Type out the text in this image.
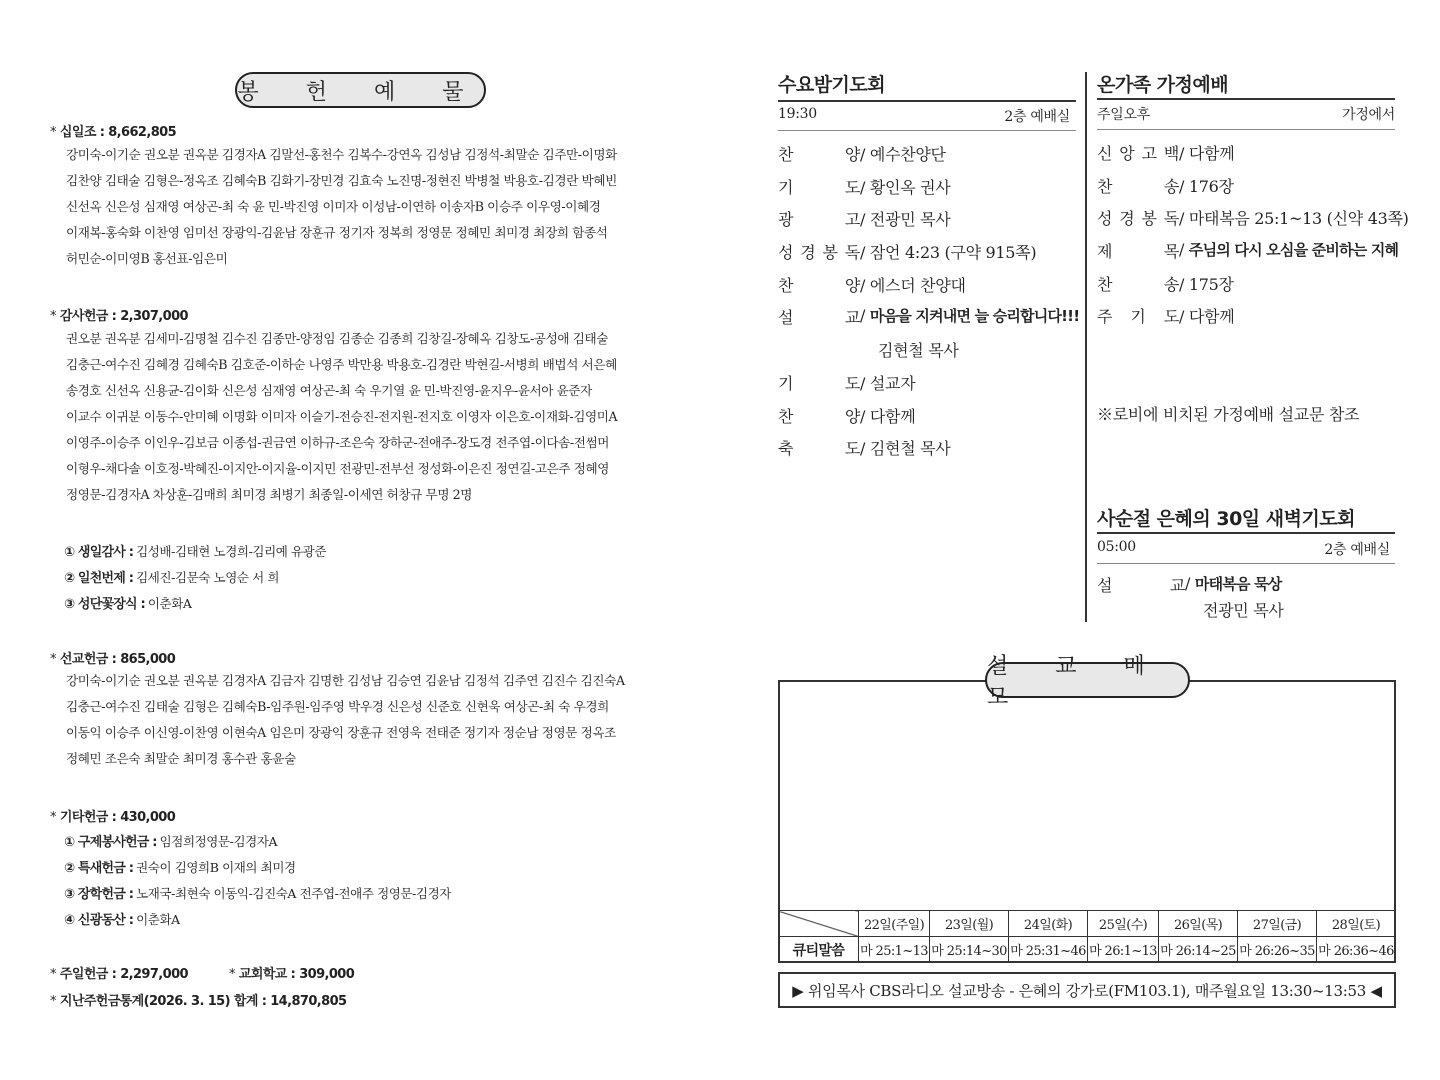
봉 헌 예 물
* 십일조 : 8,662,805
강미숙-이기순 권오분 권옥분 김경자A 김말선-홍천수 김복수-강연옥 김성남 김정석-최말순 김주만-이명화
김찬양 김태술 김형은-정옥조 김혜숙B 김화기-장민경 김효숙 노진명-정현진 박병철 박용호-김경란 박혜빈
신선옥 신은성 심재영 여상곤-최 숙 윤 민-박진영 이미자 이성남-이연하 이송자B 이승주 이우영-이혜경
이재복-홍숙화 이찬영 임미선 장광익-김윤남 장훈규 정기자 정복희 정영문 정혜민 최미경 최장희 함종석
허민순-이미영B 홍선표-임은미
* 감사헌금 : 2,307,000
권오분 권옥분 김세미-김명철 김수진 김종만-양정임 김종순 김종희 김창길-장혜옥 김창도-공성애 김태술
김충근-여수진 김혜경 김혜숙B 김호준-이하순 나영주 박만용 박용호-김경란 박현길-서병희 배법석 서은혜
송경호 신선옥 신용균-김이화 신은성 심재영 여상곤-최 숙 우기열 윤 민-박진영-윤지우-윤서아 윤준자
이교수 이귀분 이동수-안미혜 이명화 이미자 이슬기-전승진-전지원-전지호 이영자 이은호-이재화-김영미A
이영주-이승주 이인우-김보금 이종섭-권금연 이하규-조은숙 장하군-전애주-장도경 전주엽-이다솜-전썸머
이형우-채다솔 이호정-박혜진-이지안-이지율-이지민 전광민-전부선 정성화-이은진 정연길-고은주 정혜영
정영문-김경자A 차상훈-김매희 최미경 최병기 최종일-이세연 허창규 무명 2명
① 생일감사 : 김성배-김태현 노경희-김리예 유광준
② 일천번제 : 김세진-김문숙 노영순 서 희
③ 성단꽃장식 : 이춘화A
* 선교헌금 : 865,000
강미숙-이기순 권오분 권옥분 김경자A 김금자 김명한 김성남 김승연 김윤남 김정석 김주연 김진수 김진숙A
김충근-여수진 김태술 김형은 김혜숙B-임주원-임주영 박우경 신은성 신준호 신현욱 여상곤-최 숙 우경희
이동익 이승주 이신영-이찬영 이현숙A 임은미 장광익 장훈규 전영욱 전태준 정기자 정순남 정영문 정옥조
정혜민 조은숙 최말순 최미경 홍수관 홍윤술
* 기타헌금 : 430,000
① 구제봉사헌금 : 임점희정영문-김경자A
② 특새헌금 : 권숙이 김영희B 이재의 최미경
③ 장학헌금 : 노재국-최현숙 이동익-김진숙A 전주엽-전애주 정영문-김경자
④ 신광동산 : 이춘화A
* 주일헌금 : 2,297,000	* 교회학교 : 309,000
* 지난주헌금통계(2026. 3. 15) 합계 : 14,870,805
수요밤기도회
19:30	2층 예배실
찬 양 / 예수찬양단
기 도 / 황인옥 권사
광 고 / 전광민 목사
성 경 봉 독 / 잠언 4:23 (구약 915쪽)
찬 양 / 에스더 찬양대
설 교 / 마음을 지켜내면 늘 승리합니다!!!
김현철 목사
기 도 / 설교자
찬 양 / 다함께
축 도 / 김현철 목사
온가족 가정예배
주일오후	가정에서
신 앙 고 백 / 다함께
찬 송 / 176장
성 경 봉 독 / 마태복음 25:1~13 (신약 43쪽)
제 목 / 주님의 다시 오심을 준비하는 지혜
찬 송 / 175장
주 기 도 / 다함께
※로비에 비치된 가정예배 설교문 참조
사순절 은혜의 30일 새벽기도회
05:00	2층 예배실
설 교 / 마태복음 묵상
전광민 목사
설 교 메 모
	22일(주일)	23일(월)	24일(화)	25일(수)	26일(목)	27일(금)	28일(토)
큐티말씀	마 25:1~13	마 25:14~30	마 25:31~46	마 26:1~13	마 26:14~25	마 26:26~35	마 26:36~46
▶ 위임목사 CBS라디오 설교방송 - 은혜의 강가로(FM103.1), 매주월요일 13:30~13:53 ◀
